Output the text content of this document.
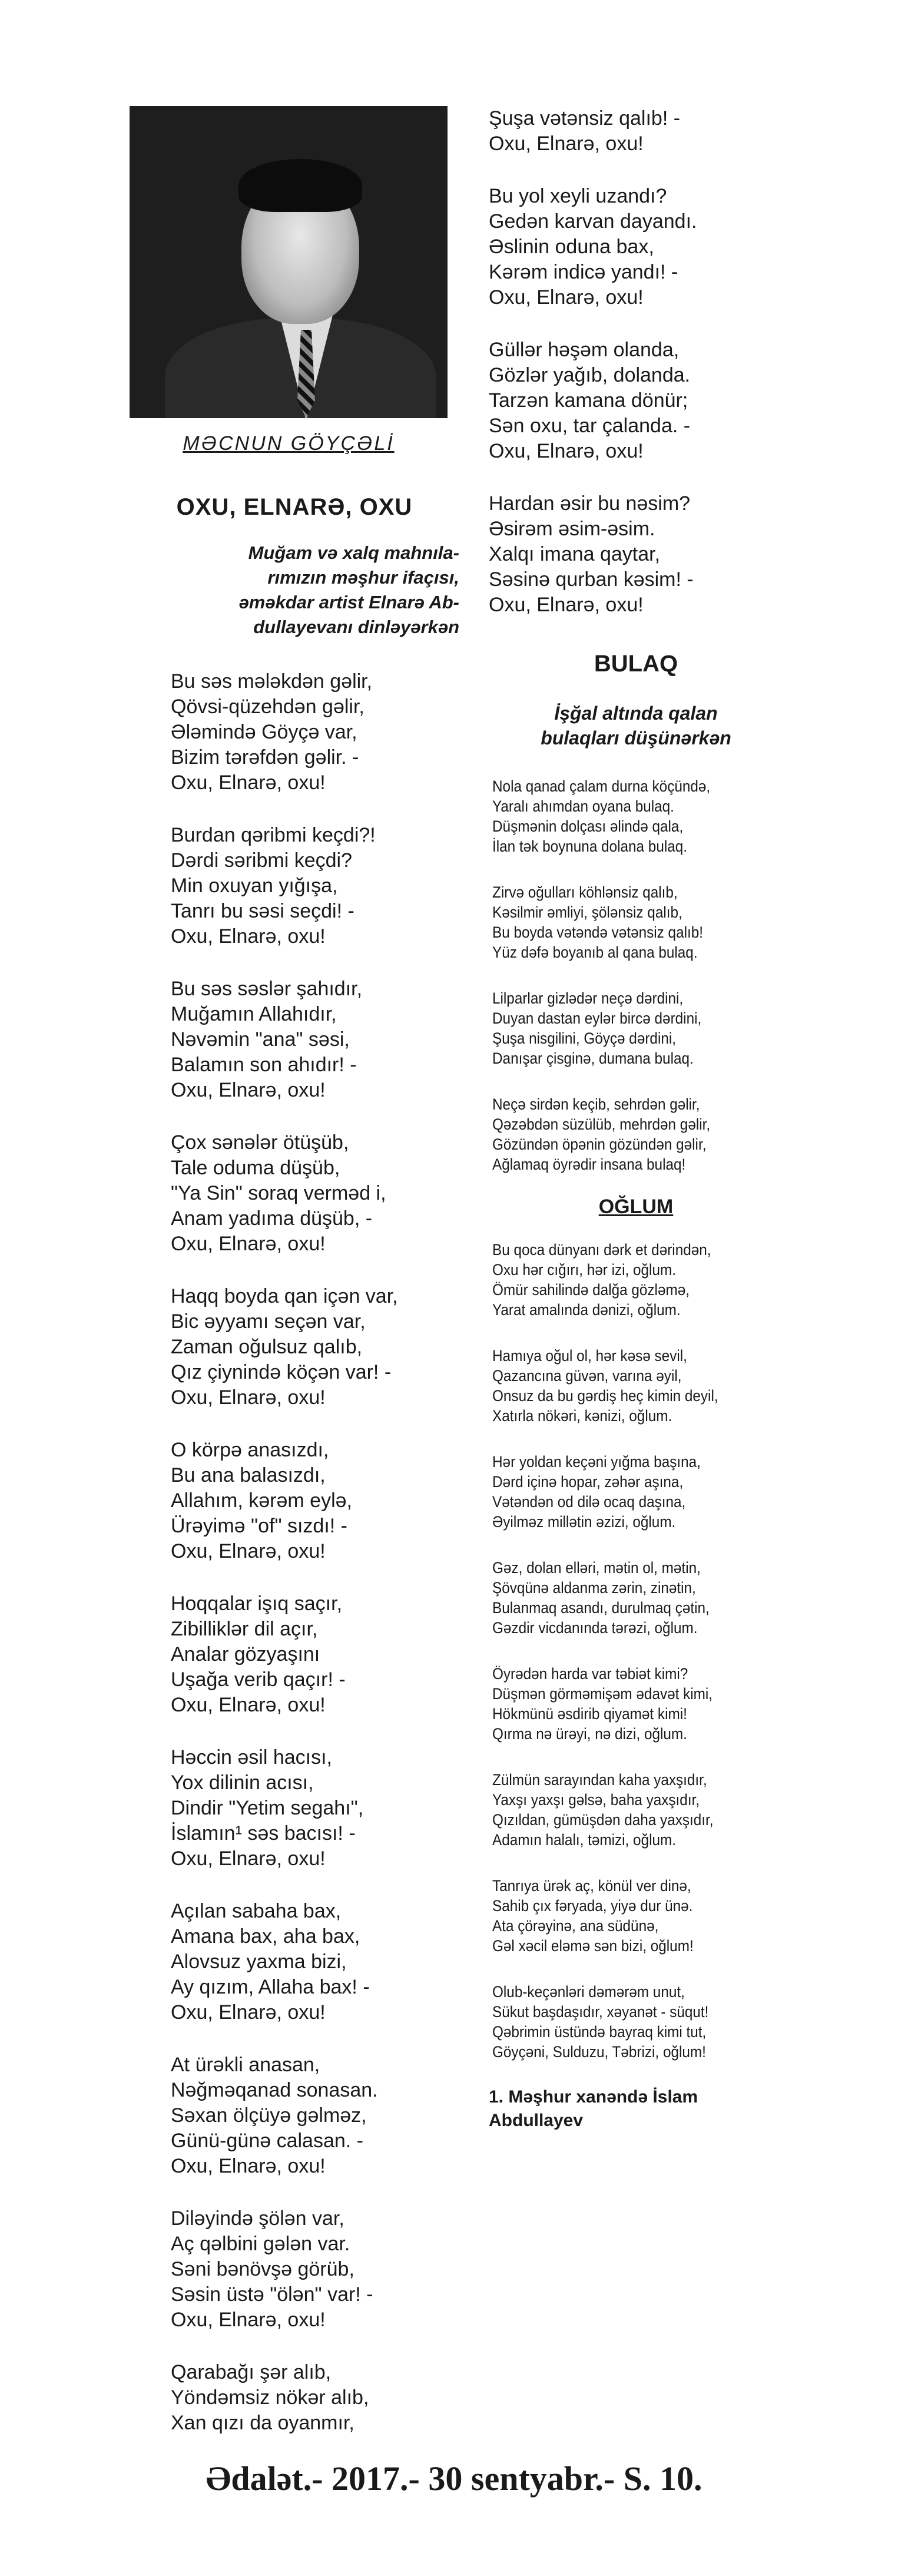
MƏCNUN GÖYÇƏLİ
OXU, ELNARƏ, OXU
Muğam və xalq mahnıla-
rımızın məşhur ifaçısı,
əməkdar artist Elnarə Ab-
dullayevanı dinləyərkən
Bu səs mələkdən gəlir,
Qövsi-qüzehdən gəlir,
Ələmində Göyçə var,
Bizim tərəfdən gəlir. -
Oxu, Elnarə, oxu!
Burdan qəribmi keçdi?!
Dərdi səribmi keçdi?
Min oxuyan yığışa,
Tanrı bu səsi seçdi! -
Oxu, Elnarə, oxu!
Bu səs səslər şahıdır,
Muğamın Allahıdır,
Nəvəmin "ana" səsi,
Balamın son ahıdır! -
Oxu, Elnarə, oxu!
Çox sənələr ötüşüb,
Tale oduma düşüb,
"Ya Sin" soraq verməd i,
Anam yadıma düşüb, -
Oxu, Elnarə, oxu!
Haqq boyda qan içən var,
Bic əyyamı seçən var,
Zaman oğulsuz qalıb,
Qız çiynində köçən var! -
Oxu, Elnarə, oxu!
O körpə anasızdı,
Bu ana balasızdı,
Allahım, kərəm eylə,
Ürəyimə "of" sızdı! -
Oxu, Elnarə, oxu!
Hoqqalar işıq saçır,
Zibilliklər dil açır,
Analar gözyaşını
Uşağa verib qaçır! -
Oxu, Elnarə, oxu!
Həccin əsil hacısı,
Yox dilinin acısı,
Dindir "Yetim segahı",
İslamın¹ səs bacısı! -
Oxu, Elnarə, oxu!
Açılan sabaha bax,
Amana bax, aha bax,
Alovsuz yaxma bizi,
Ay qızım, Allaha bax! -
Oxu, Elnarə, oxu!
At ürəkli anasan,
Nəğməqanad sonasan.
Səxan ölçüyə gəlməz,
Günü-günə calasan. -
Oxu, Elnarə, oxu!
Diləyində şölən var,
Aç qəlbini gələn var.
Səni bənövşə görüb,
Səsin üstə "ölən" var! -
Oxu, Elnarə, oxu!
Qarabağı şər alıb,
Yöndəmsiz nökər alıb,
Xan qızı da oyanmır,
Şuşa vətənsiz qalıb! -
Oxu, Elnarə, oxu!
Bu yol xeyli uzandı?
Gedən karvan dayandı.
Əslinin oduna bax,
Kərəm indicə yandı! -
Oxu, Elnarə, oxu!
Güllər həşəm olanda,
Gözlər yağıb, dolanda.
Tarzən kamana dönür;
Sən oxu, tar çalanda. -
Oxu, Elnarə, oxu!
Hardan əsir bu nəsim?
Əsirəm əsim-əsim.
Xalqı imana qaytar,
Səsinə qurban kəsim! -
Oxu, Elnarə, oxu!
BULAQ
İşğal altında qalan
bulaqları düşünərkən
Nola qanad çalam durna köçündə,
Yaralı ahımdan oyana bulaq.
Düşmənin dolçası əlində qala,
İlan tək boynuna dolana bulaq.
Zirvə oğulları köhlənsiz qalıb,
Kəsilmir əmliyi, şölənsiz qalıb,
Bu boyda vətəndə vətənsiz qalıb!
Yüz dəfə boyanıb al qana bulaq.
Lilparlar gizlədər neçə dərdini,
Duyan dastan eylər bircə dərdini,
Şuşa nisgilini, Göyçə dərdini,
Danışar çisginə, dumana bulaq.
Neçə sirdən keçib, sehrdən gəlir,
Qəzəbdən süzülüb, mehrdən gəlir,
Gözündən öpənin gözündən gəlir,
Ağlamaq öyrədir insana bulaq!
OĞLUM
Bu qoca dünyanı dərk et dərindən,
Oxu hər cığırı, hər izi, oğlum.
Ömür sahilində dalğa gözləmə,
Yarat amalında dənizi, oğlum.
Hamıya oğul ol, hər kəsə sevil,
Qazancına güvən, varına əyil,
Onsuz da bu gərdiş heç kimin deyil,
Xatırla nökəri, kənizi, oğlum.
Hər yoldan keçəni yığma başına,
Dərd içinə hopar, zəhər aşına,
Vətəndən od dilə ocaq daşına,
Əyilməz millətin əzizi, oğlum.
Gəz, dolan elləri, mətin ol, mətin,
Şövqünə aldanma zərin, zinətin,
Bulanmaq asandı, durulmaq çətin,
Gəzdir vicdanında tərəzi, oğlum.
Öyrədən harda var təbiət kimi?
Düşmən görməmişəm ədavət kimi,
Hökmünü əsdirib qiyamət kimi!
Qırma nə ürəyi, nə dizi, oğlum.
Zülmün sarayından kaha yaxşıdır,
Yaxşı yaxşı gəlsə, baha yaxşıdır,
Qızıldan, gümüşdən daha yaxşıdır,
Adamın halalı, təmizi, oğlum.
Tanrıya ürək aç, könül ver dinə,
Sahib çıx fəryada, yiyə dur ünə.
Ata çörəyinə, ana südünə,
Gəl xəcil eləmə sən bizi, oğlum!
Olub-keçənləri dəmərəm unut,
Sükut başdaşıdır, xəyanət - süqut!
Qəbrimin üstündə bayraq kimi tut,
Göyçəni, Sulduzu, Təbrizi, oğlum!
1. Məşhur xanəndə İslam
Abdullayev
Ədalət.- 2017.- 30 sentyabr.- S. 10.
